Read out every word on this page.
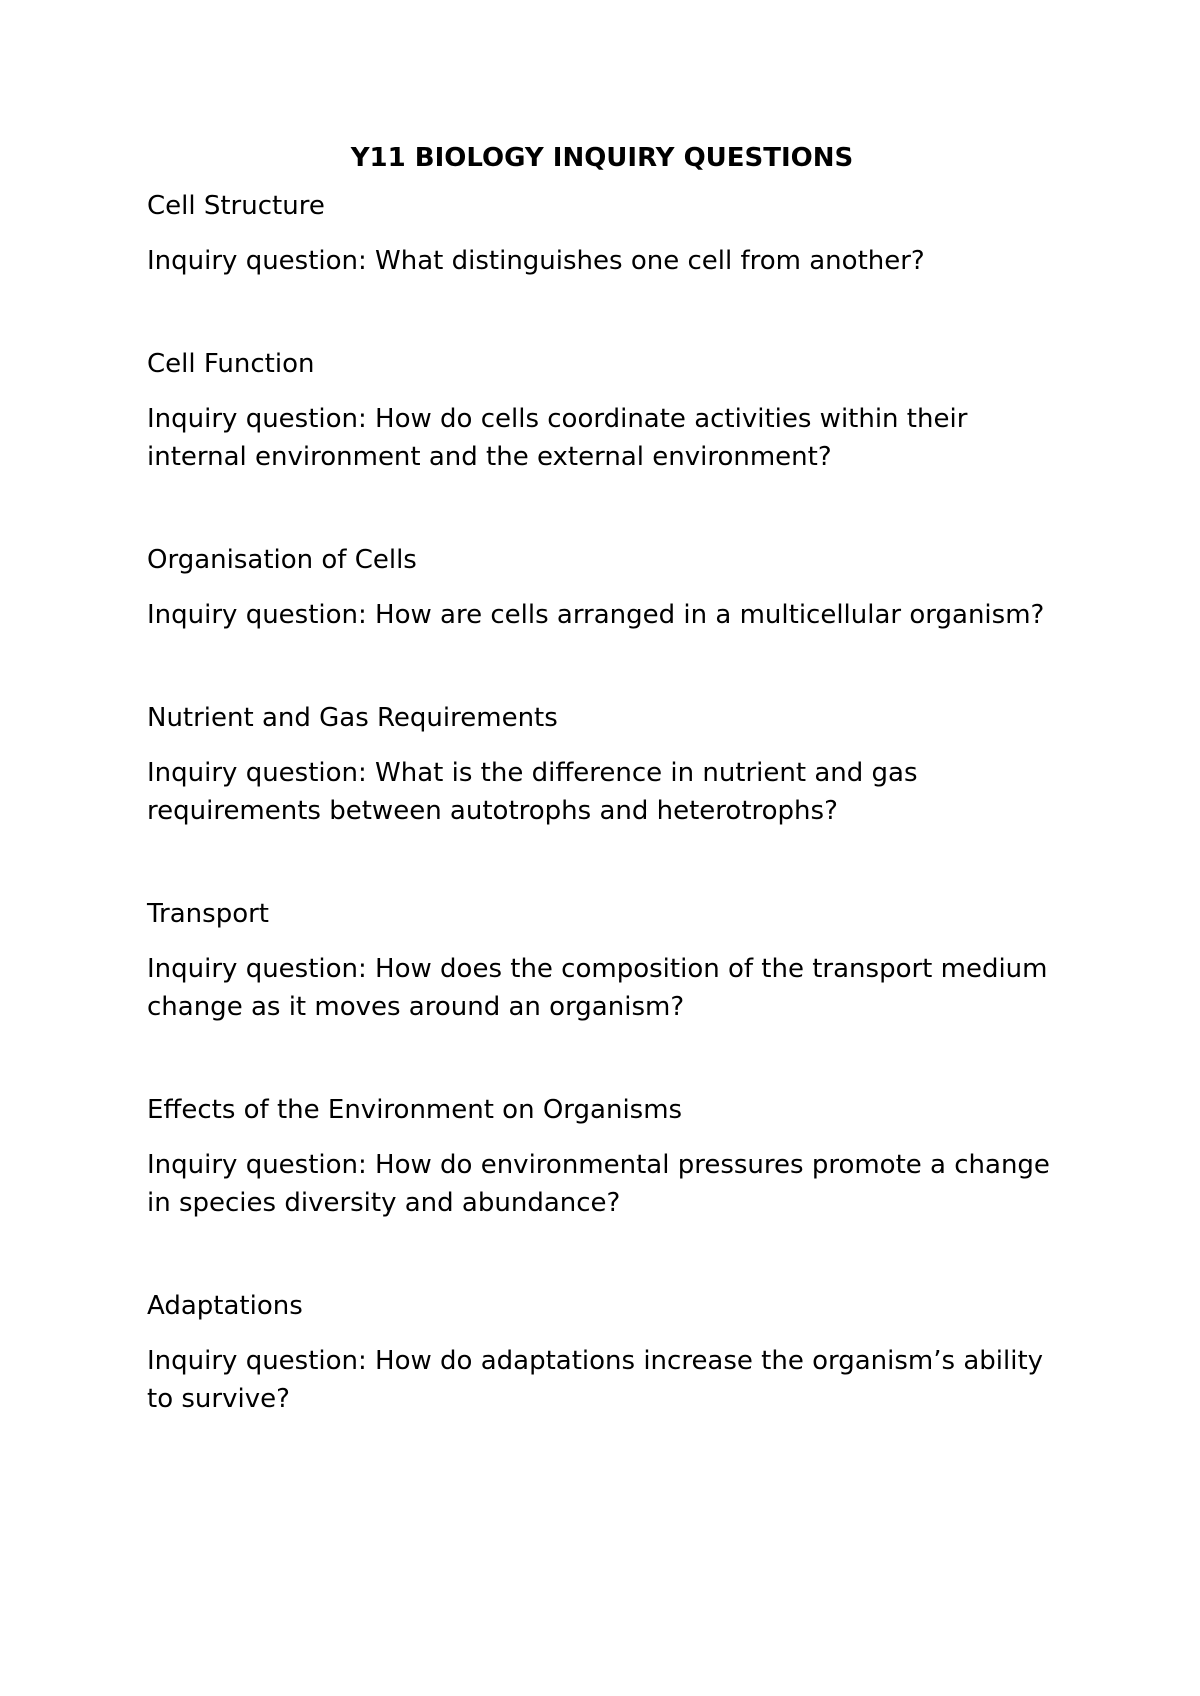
Y11 BIOLOGY INQUIRY QUESTIONS
Cell Structure
Inquiry question: What distinguishes one cell from another?
Cell Function
Inquiry question: How do cells coordinate activities within their internal environment and the external environment?
Organisation of Cells
Inquiry question: How are cells arranged in a multicellular organism?
Nutrient and Gas Requirements
Inquiry question: What is the difference in nutrient and gas requirements between autotrophs and heterotrophs?
Transport
Inquiry question: How does the composition of the transport medium change as it moves around an organism?
Effects of the Environment on Organisms
Inquiry question: How do environmental pressures promote a change in species diversity and abundance?
Adaptations
Inquiry question: How do adaptations increase the organism’s ability to survive?
